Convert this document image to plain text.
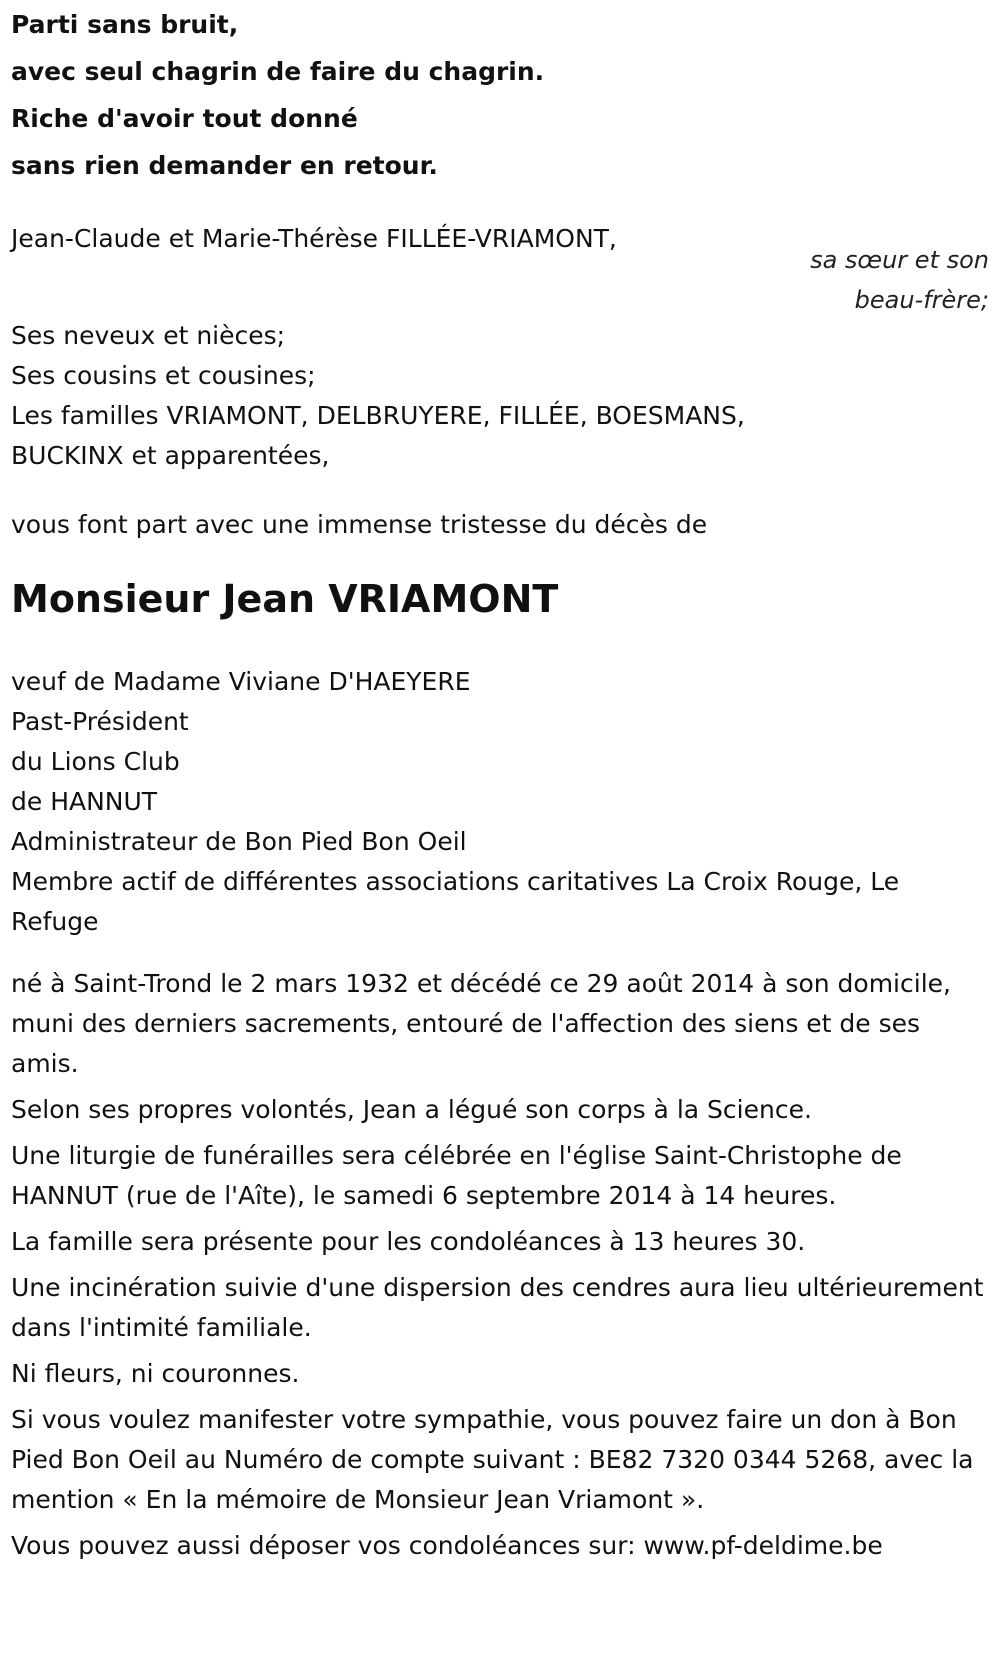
Parti sans bruit,
avec seul chagrin de faire du chagrin.
Riche d'avoir tout donné
sans rien demander en retour.
Jean-Claude et Marie-Thérèse FILLÉE-VRIAMONT,
sa sœur et son
beau-frère;
Ses neveux et nièces;
Ses cousins et cousines;
Les familles VRIAMONT, DELBRUYERE, FILLÉE, BOESMANS,
BUCKINX et apparentées,
vous font part avec une immense tristesse du décès de
Monsieur Jean VRIAMONT
veuf de Madame Viviane D'HAEYERE
Past-Président
du Lions Club
de HANNUT
Administrateur de Bon Pied Bon Oeil
Membre actif de différentes associations caritatives La Croix Rouge, Le Refuge
né à Saint-Trond le 2 mars 1932 et décédé ce 29 août 2014 à son domicile, muni des derniers sacrements, entouré de l'affection des siens et de ses amis.
Selon ses propres volontés, Jean a légué son corps à la Science.
Une liturgie de funérailles sera célébrée en l'église Saint-Christophe de HANNUT (rue de l'Aîte), le samedi 6 septembre 2014 à 14 heures.
La famille sera présente pour les condoléances à 13 heures 30.
Une incinération suivie d'une dispersion des cendres aura lieu ultérieurement dans l'intimité familiale.
Ni fleurs, ni couronnes.
Si vous voulez manifester votre sympathie, vous pouvez faire un don à Bon Pied Bon Oeil au Numéro de compte suivant : BE82 7320 0344 5268, avec la mention « En la mémoire de Monsieur Jean Vriamont ».
Vous pouvez aussi déposer vos condoléances sur: www.pf-deldime.be
